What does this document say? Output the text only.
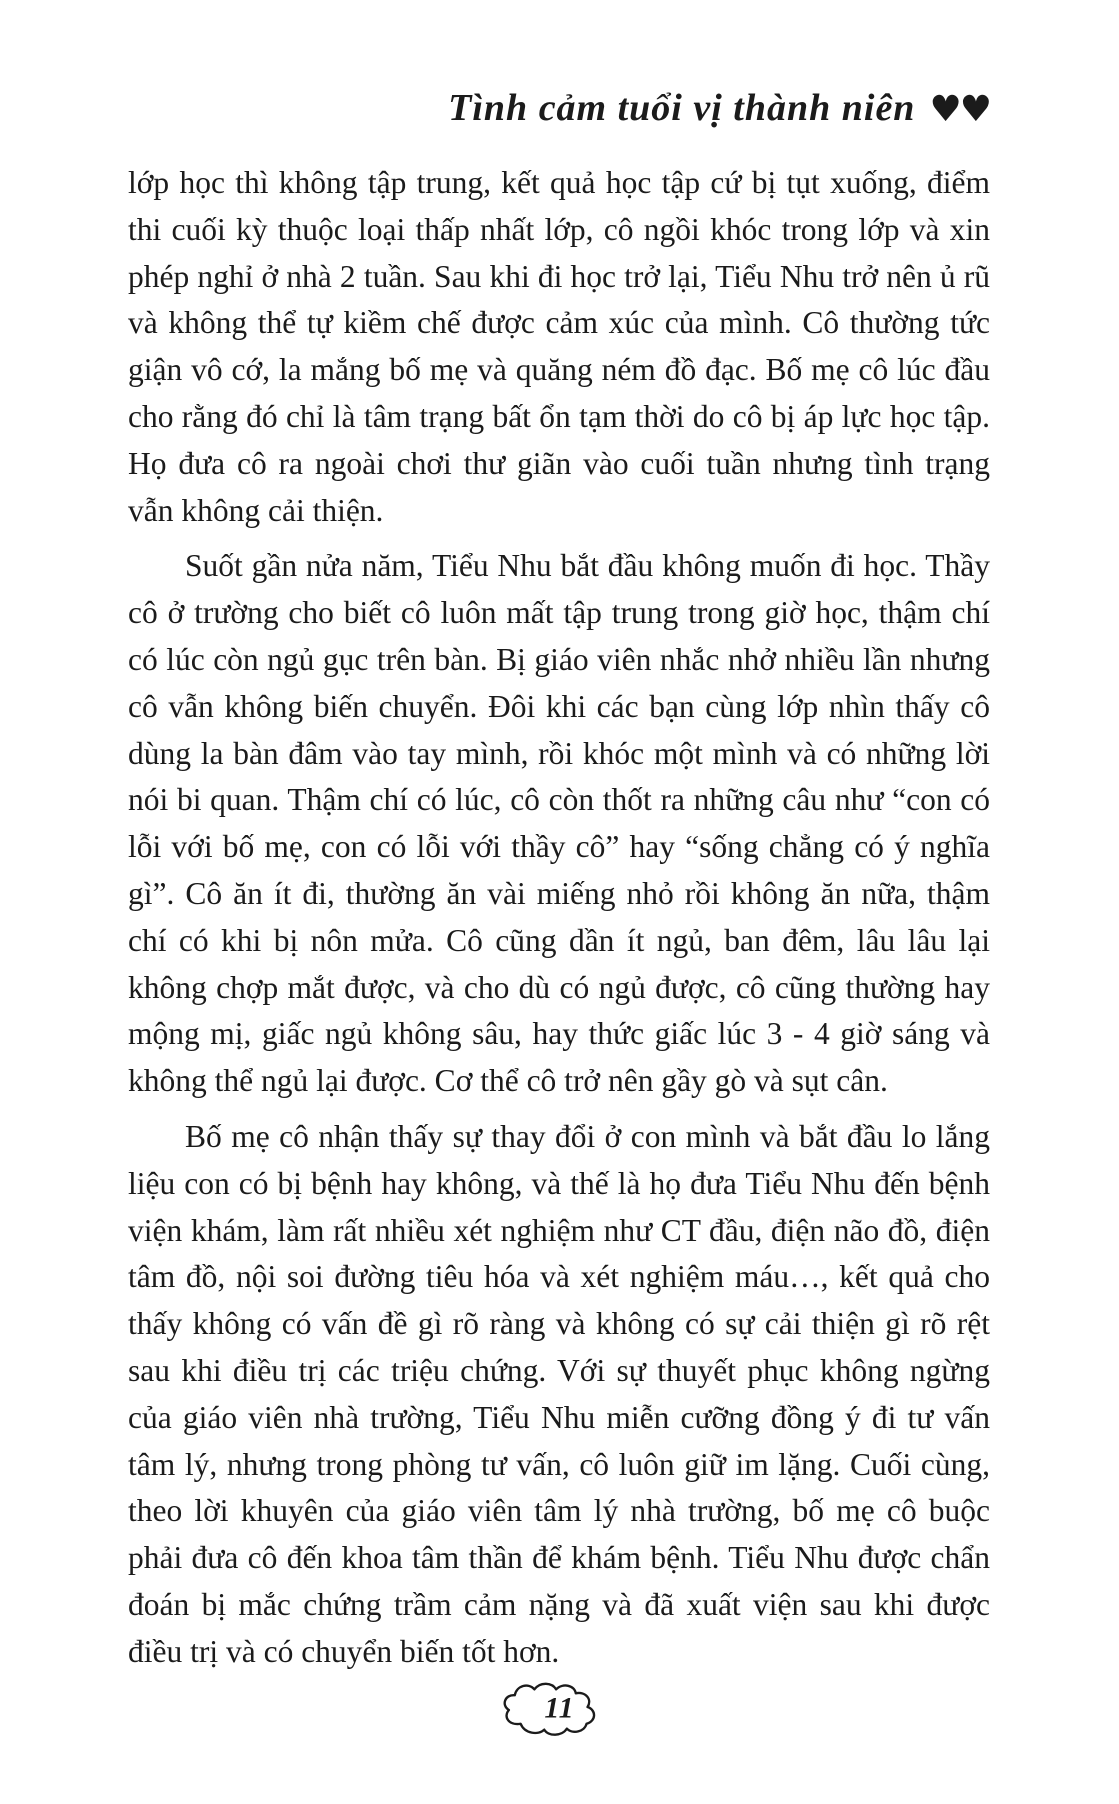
Tình cảm tuổi vị thành niên ♥♥

lớp học thì không tập trung, kết quả học tập cứ bị tụt xuống, điểm thi cuối kỳ thuộc loại thấp nhất lớp, cô ngồi khóc trong lớp và xin phép nghỉ ở nhà 2 tuần. Sau khi đi học trở lại, Tiểu Nhu trở nên ủ rũ và không thể tự kiềm chế được cảm xúc của mình. Cô thường tức giận vô cớ, la mắng bố mẹ và quăng ném đồ đạc. Bố mẹ cô lúc đầu cho rằng đó chỉ là tâm trạng bất ổn tạm thời do cô bị áp lực học tập. Họ đưa cô ra ngoài chơi thư giãn vào cuối tuần nhưng tình trạng vẫn không cải thiện.

Suốt gần nửa năm, Tiểu Nhu bắt đầu không muốn đi học. Thầy cô ở trường cho biết cô luôn mất tập trung trong giờ học, thậm chí có lúc còn ngủ gục trên bàn. Bị giáo viên nhắc nhở nhiều lần nhưng cô vẫn không biến chuyển. Đôi khi các bạn cùng lớp nhìn thấy cô dùng la bàn đâm vào tay mình, rồi khóc một mình và có những lời nói bi quan. Thậm chí có lúc, cô còn thốt ra những câu như “con có lỗi với bố mẹ, con có lỗi với thầy cô” hay “sống chẳng có ý nghĩa gì”. Cô ăn ít đi, thường ăn vài miếng nhỏ rồi không ăn nữa, thậm chí có khi bị nôn mửa. Cô cũng dần ít ngủ, ban đêm, lâu lâu lại không chợp mắt được, và cho dù có ngủ được, cô cũng thường hay mộng mị, giấc ngủ không sâu, hay thức giấc lúc 3 - 4 giờ sáng và không thể ngủ lại được. Cơ thể cô trở nên gầy gò và sụt cân.

Bố mẹ cô nhận thấy sự thay đổi ở con mình và bắt đầu lo lắng liệu con có bị bệnh hay không, và thế là họ đưa Tiểu Nhu đến bệnh viện khám, làm rất nhiều xét nghiệm như CT đầu, điện não đồ, điện tâm đồ, nội soi đường tiêu hóa và xét nghiệm máu…, kết quả cho thấy không có vấn đề gì rõ ràng và không có sự cải thiện gì rõ rệt sau khi điều trị các triệu chứng. Với sự thuyết phục không ngừng của giáo viên nhà trường, Tiểu Nhu miễn cưỡng đồng ý đi tư vấn tâm lý, nhưng trong phòng tư vấn, cô luôn giữ im lặng. Cuối cùng, theo lời khuyên của giáo viên tâm lý nhà trường, bố mẹ cô buộc phải đưa cô đến khoa tâm thần để khám bệnh. Tiểu Nhu được chẩn đoán bị mắc chứng trầm cảm nặng và đã xuất viện sau khi được điều trị và có chuyển biến tốt hơn.

11
